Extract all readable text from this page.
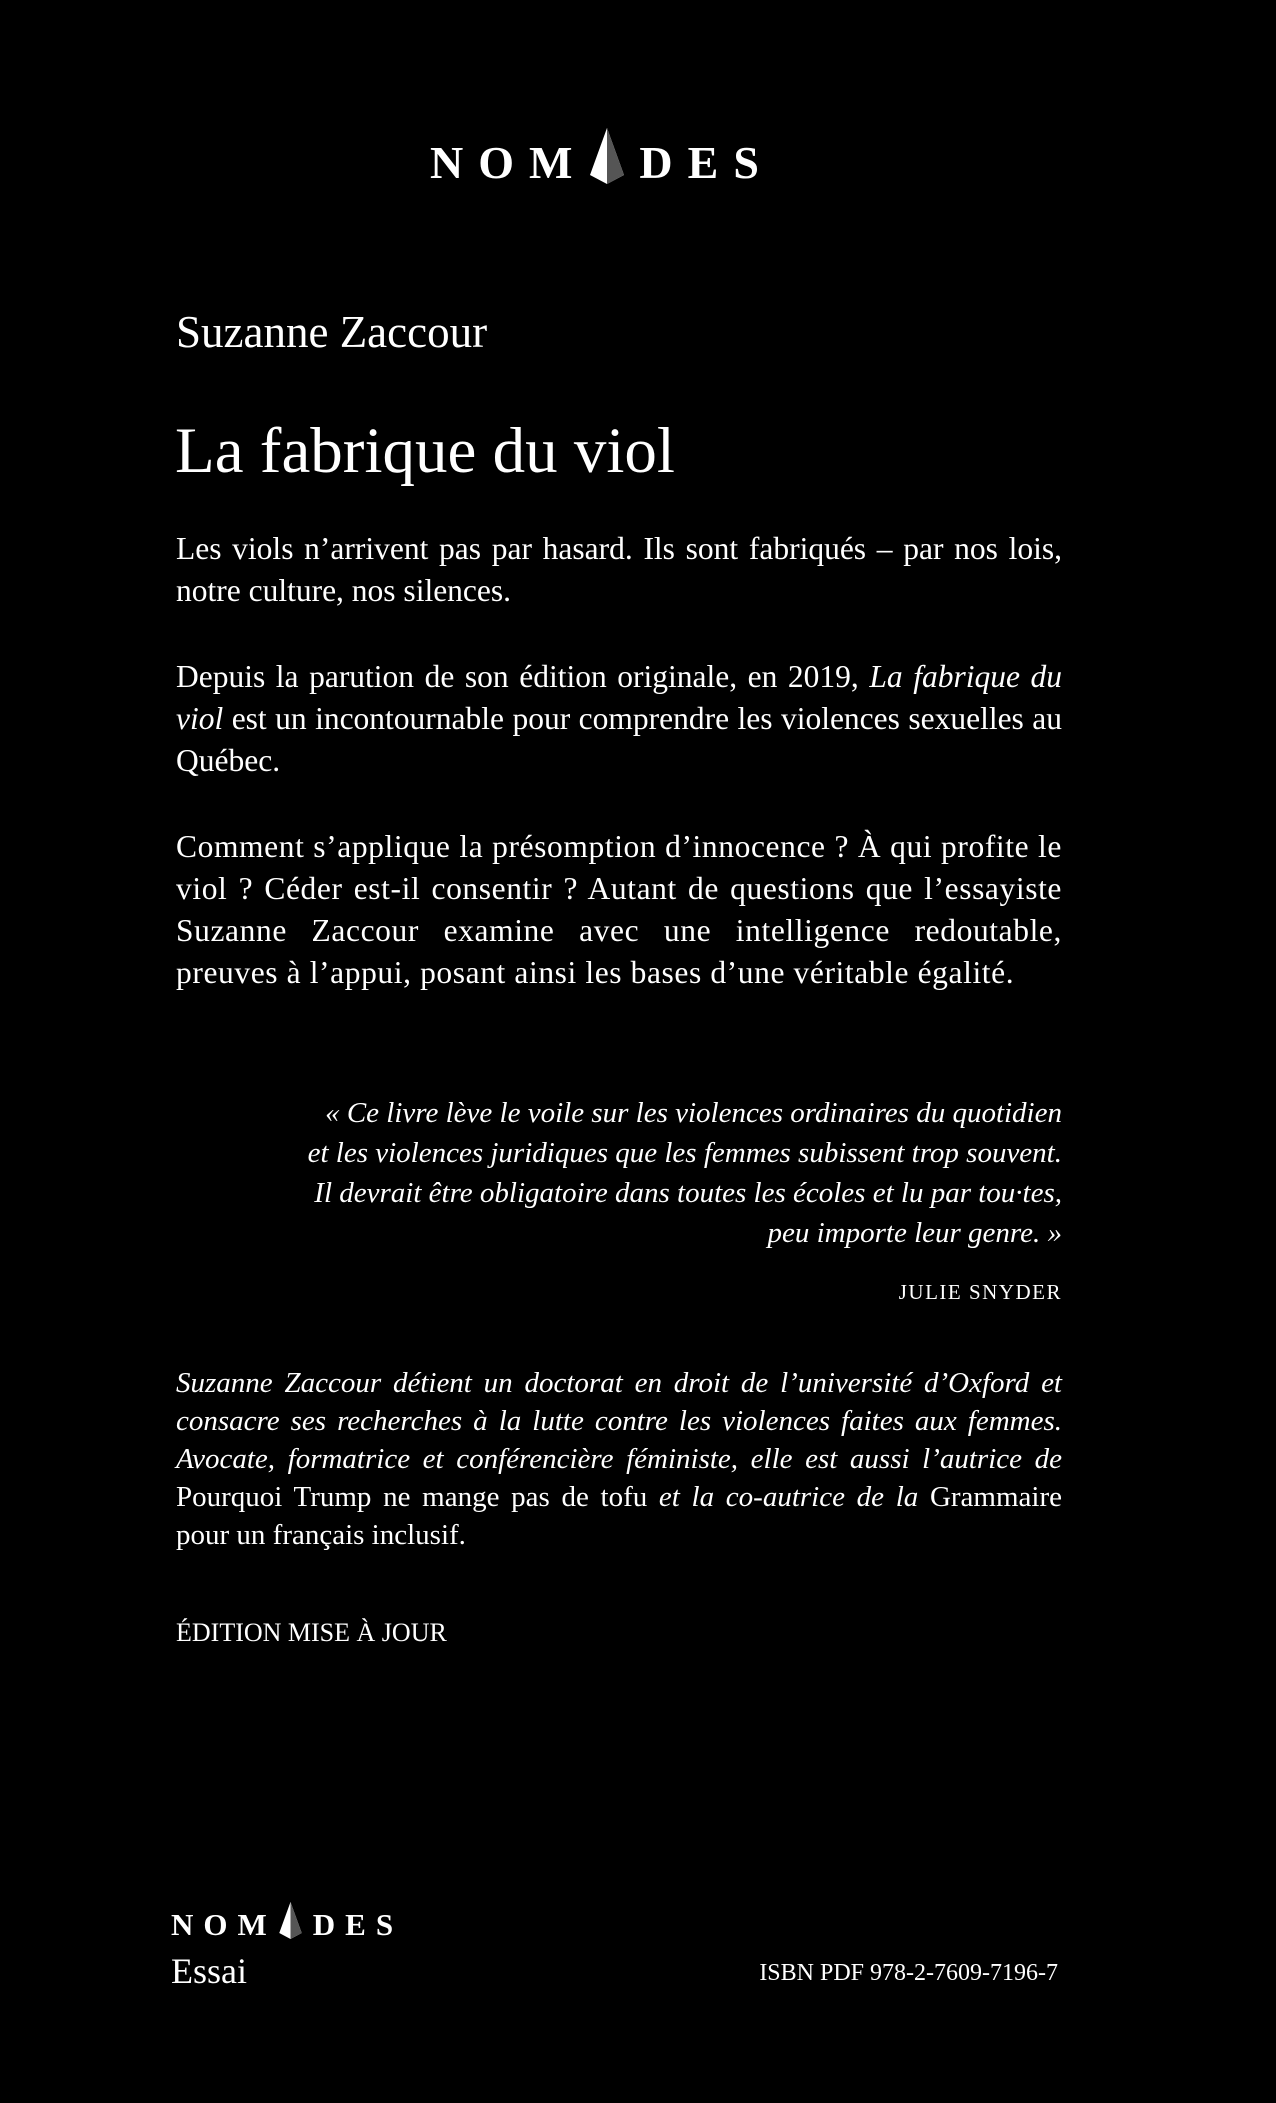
NOM DES
Suzanne Zaccour
La fabrique du viol

Les viols n’arrivent pas par hasard. Ils sont fabriqués – par nos lois, notre culture, nos silences.

Depuis la parution de son édition originale, en 2019, La fabrique du viol est un incontournable pour comprendre les violences sexuelles au Québec.

Comment s’applique la présomption d’innocence ? À qui profite le viol ? Céder est-il consentir ? Autant de questions que l’essayiste Suzanne Zaccour examine avec une intelligence redoutable, preuves à l’appui, posant ainsi les bases d’une véritable égalité.

« Ce livre lève le voile sur les violences ordinaires du quotidien et les violences juridiques que les femmes subissent trop souvent. Il devrait être obligatoire dans toutes les écoles et lu par tou·tes, peu importe leur genre. »

JULIE SNYDER

Suzanne Zaccour détient un doctorat en droit de l’université d’Oxford et consacre ses recherches à la lutte contre les violences faites aux femmes. Avocate, formatrice et conférencière féministe, elle est aussi l’autrice de Pourquoi Trump ne mange pas de tofu et la co-autrice de la Grammaire pour un français inclusif.

ÉDITION MISE À JOUR

NOM DES

Essai	ISBN PDF 978-2-7609-7196-7
